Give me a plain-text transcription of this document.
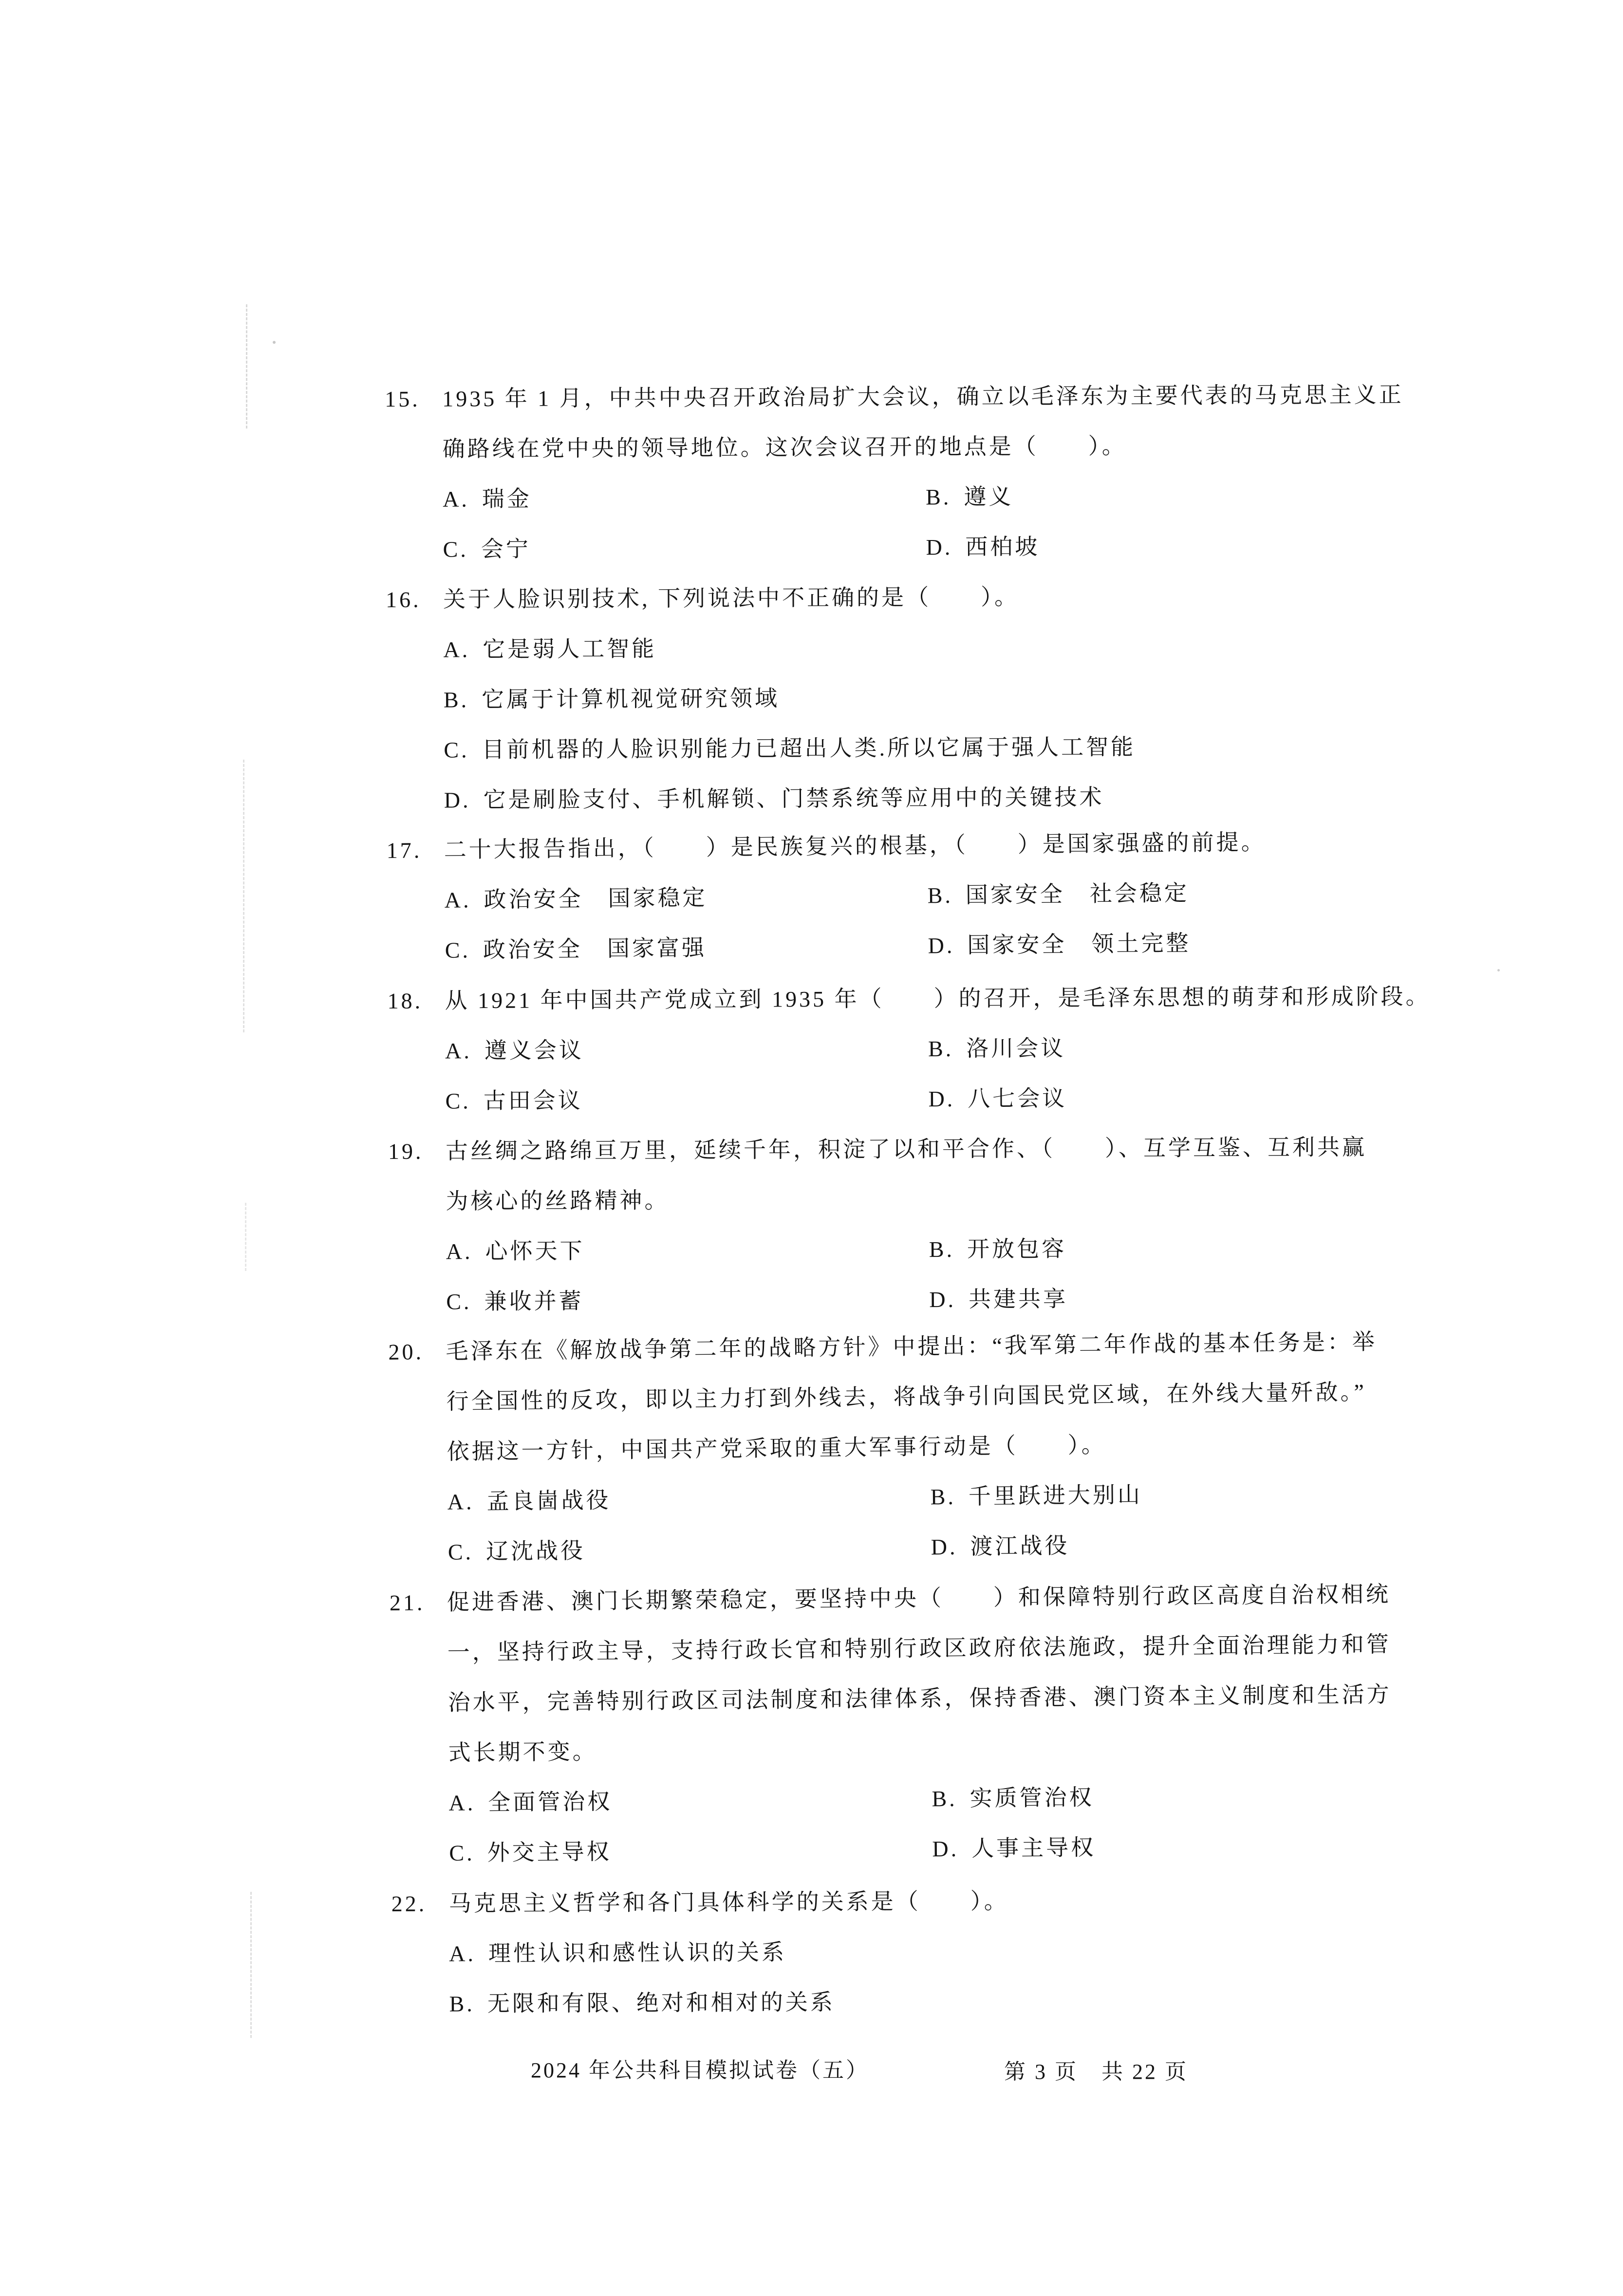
15. 1935 年 1 月，中共中央召开政治局扩大会议，确立以毛泽东为主要代表的马克思主义正
确路线在党中央的领导地位。这次会议召开的地点是（　　）。
A. 瑞金	B. 遵义
C. 会宁	D. 西柏坡
16. 关于人脸识别技术, 下列说法中不正确的是（　　）。
A. 它是弱人工智能
B. 它属于计算机视觉研究领域
C. 目前机器的人脸识别能力已超出人类.所以它属于强人工智能
D. 它是刷脸支付、手机解锁、门禁系统等应用中的关键技术
17. 二十大报告指出，（　　）是民族复兴的根基，（　　）是国家强盛的前提。
A. 政治安全　国家稳定	B. 国家安全　社会稳定
C. 政治安全　国家富强	D. 国家安全　领土完整
18. 从 1921 年中国共产党成立到 1935 年（　　）的召开，是毛泽东思想的萌芽和形成阶段。
A. 遵义会议	B. 洛川会议
C. 古田会议	D. 八七会议
19. 古丝绸之路绵亘万里，延续千年，积淀了以和平合作、（　　）、互学互鉴、互利共赢
为核心的丝路精神。
A. 心怀天下	B. 开放包容
C. 兼收并蓄	D. 共建共享
20. 毛泽东在《解放战争第二年的战略方针》中提出：“我军第二年作战的基本任务是：举
行全国性的反攻，即以主力打到外线去，将战争引向国民党区域，在外线大量歼敌。”
依据这一方针，中国共产党采取的重大军事行动是（　　）。
A. 孟良崮战役	B. 千里跃进大别山
C. 辽沈战役	D. 渡江战役
21. 促进香港、澳门长期繁荣稳定，要坚持中央（　　）和保障特别行政区高度自治权相统
一，坚持行政主导，支持行政长官和特别行政区政府依法施政，提升全面治理能力和管
治水平，完善特别行政区司法制度和法律体系，保持香港、澳门资本主义制度和生活方
式长期不变。
A. 全面管治权	B. 实质管治权
C. 外交主导权	D. 人事主导权
22. 马克思主义哲学和各门具体科学的关系是（　　）。
A. 理性认识和感性认识的关系
B. 无限和有限、绝对和相对的关系
2024 年公共科目模拟试卷（五）	第 3 页　共 22 页
